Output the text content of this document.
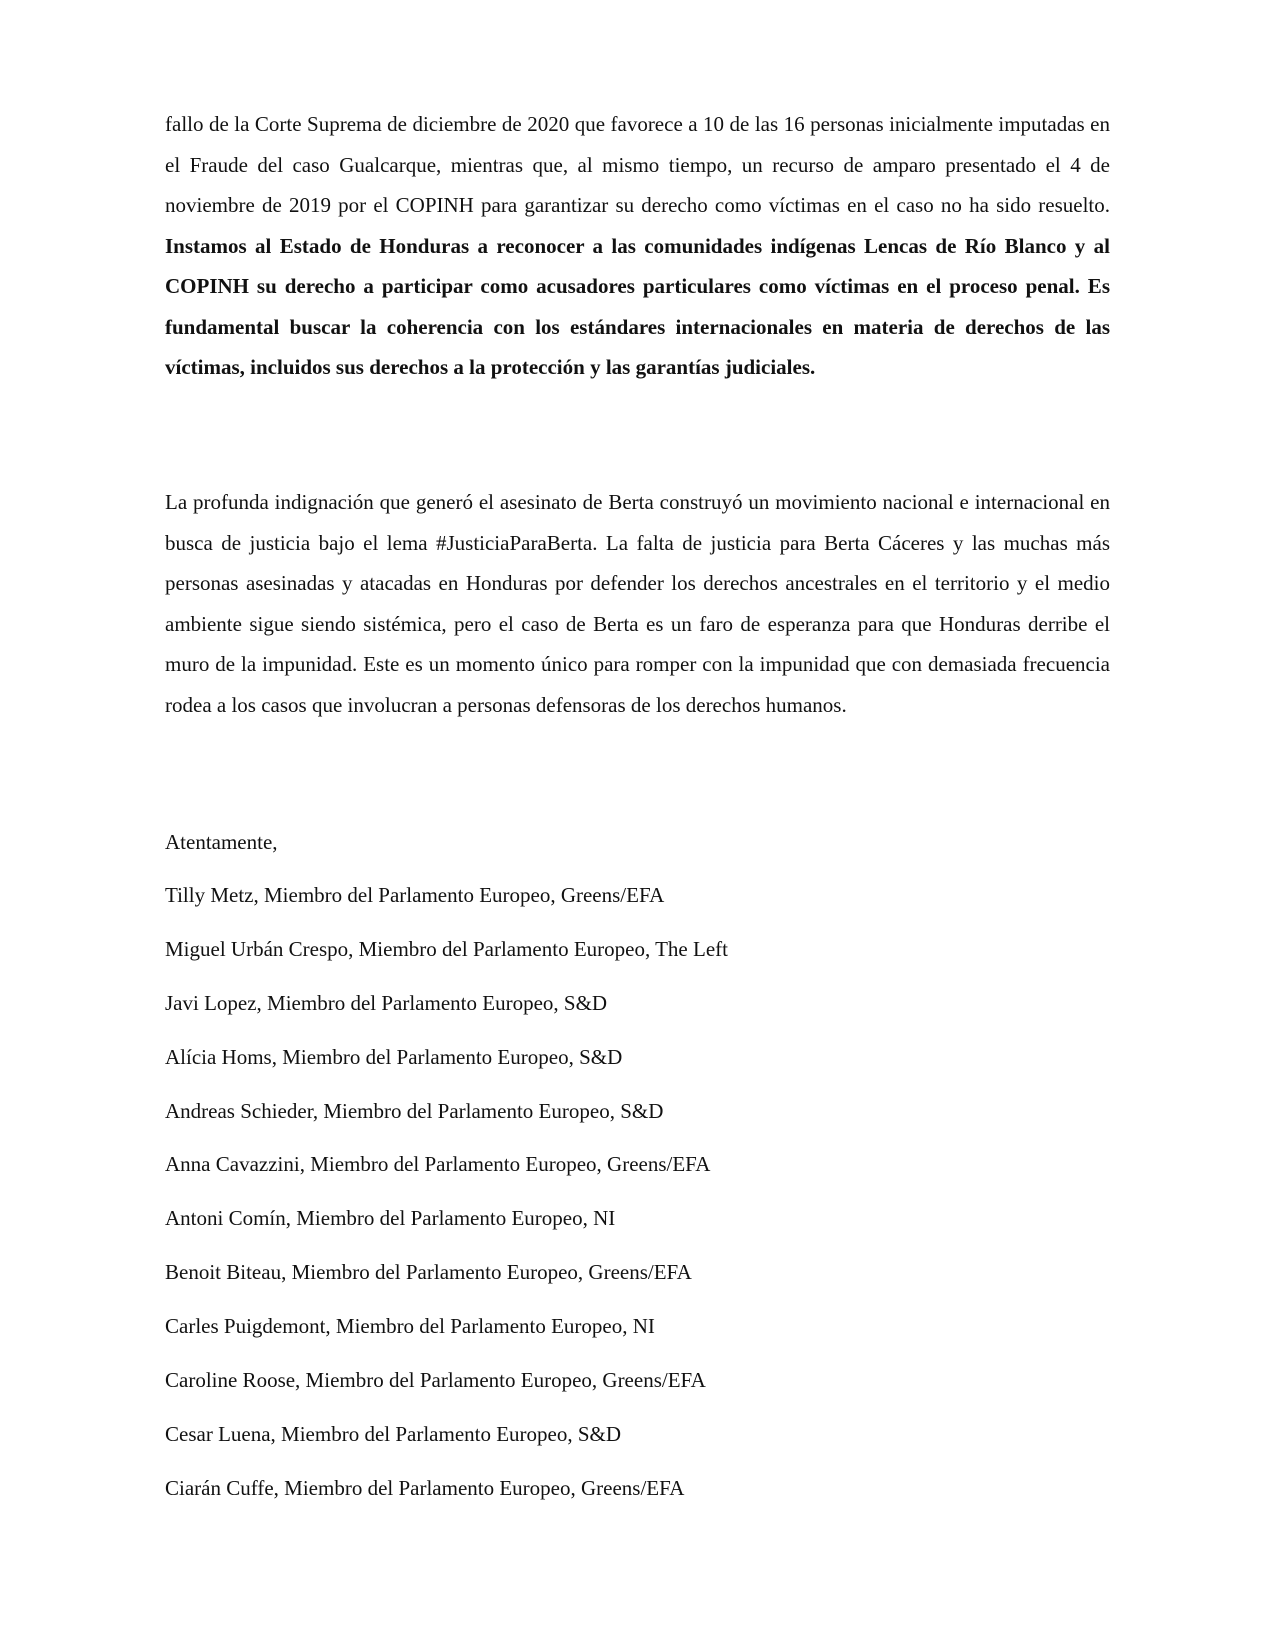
fallo de la Corte Suprema de diciembre de 2020 que favorece a 10 de las 16 personas inicialmente imputadas en el Fraude del caso Gualcarque, mientras que, al mismo tiempo, un recurso de amparo presentado el 4 de noviembre de 2019 por el COPINH para garantizar su derecho como víctimas en el caso no ha sido resuelto. Instamos al Estado de Honduras a reconocer a las comunidades indígenas Lencas de Río Blanco y al COPINH su derecho a participar como acusadores particulares como víctimas en el proceso penal. Es fundamental buscar la coherencia con los estándares internacionales en materia de derechos de las víctimas, incluidos sus derechos a la protección y las garantías judiciales.

La profunda indignación que generó el asesinato de Berta construyó un movimiento nacional e internacional en busca de justicia bajo el lema #JusticiaParaBerta. La falta de justicia para Berta Cáceres y las muchas más personas asesinadas y atacadas en Honduras por defender los derechos ancestrales en el territorio y el medio ambiente sigue siendo sistémica, pero el caso de Berta es un faro de esperanza para que Honduras derribe el muro de la impunidad. Este es un momento único para romper con la impunidad que con demasiada frecuencia rodea a los casos que involucran a personas defensoras de los derechos humanos.

Atentamente,
Tilly Metz, Miembro del Parlamento Europeo, Greens/EFA
Miguel Urbán Crespo, Miembro del Parlamento Europeo, The Left
Javi Lopez, Miembro del Parlamento Europeo, S&D
Alícia Homs, Miembro del Parlamento Europeo, S&D
Andreas Schieder, Miembro del Parlamento Europeo, S&D
Anna Cavazzini, Miembro del Parlamento Europeo, Greens/EFA
Antoni Comín, Miembro del Parlamento Europeo, NI
Benoit Biteau, Miembro del Parlamento Europeo, Greens/EFA
Carles Puigdemont, Miembro del Parlamento Europeo, NI
Caroline Roose, Miembro del Parlamento Europeo, Greens/EFA
Cesar Luena, Miembro del Parlamento Europeo, S&D
Ciarán Cuffe, Miembro del Parlamento Europeo, Greens/EFA
